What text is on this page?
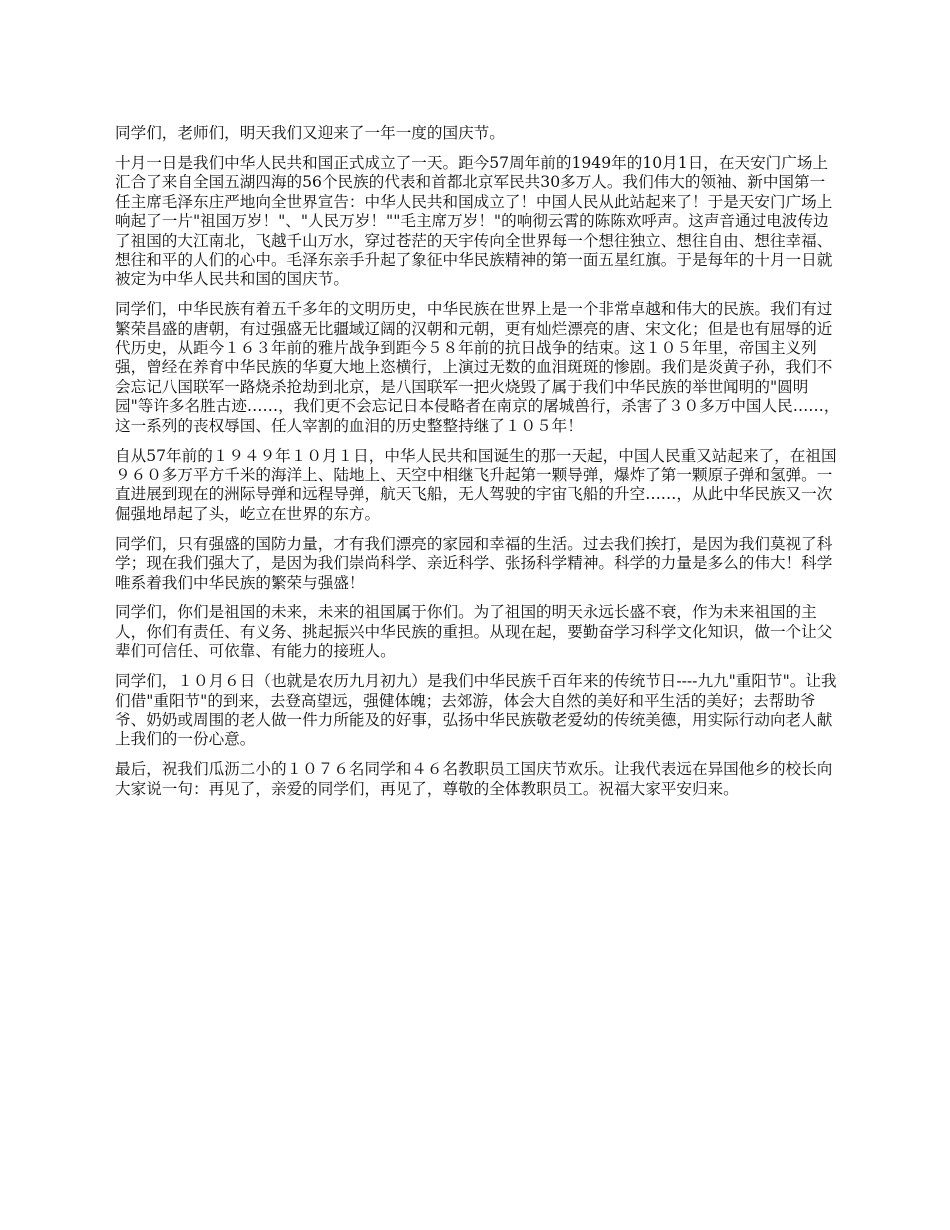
同学们，老师们，明天我们又迎来了一年一度的国庆节。

十月一日是我们中华人民共和国正式成立了一天。距今57周年前的1949年的10月1日，在天安门广场上汇合了来自全国五湖四海的56个民族的代表和首都北京军民共30多万人。我们伟大的领袖、新中国第一任主席毛泽东庄严地向全世界宣告：中华人民共和国成立了！中国人民从此站起来了！于是天安门广场上响起了一片"祖国万岁！"、"人民万岁！""毛主席万岁！"的响彻云霄的陈陈欢呼声。这声音通过电波传边了祖国的大江南北，飞越千山万水，穿过苍茫的天宇传向全世界每一个想往独立、想往自由、想往幸福、想往和平的人们的心中。毛泽东亲手升起了象征中华民族精神的第一面五星红旗。于是每年的十月一日就被定为中华人民共和国的国庆节。

同学们，中华民族有着五千多年的文明历史，中华民族在世界上是一个非常卓越和伟大的民族。我们有过繁荣昌盛的唐朝，有过强盛无比疆域辽阔的汉朝和元朝，更有灿烂漂亮的唐、宋文化；但是也有屈辱的近代历史，从距今１６３年前的雅片战争到距今５８年前的抗日战争的结束。这１０５年里，帝国主义列强，曾经在养育中华民族的华夏大地上恣横行，上演过无数的血泪斑斑的惨剧。我们是炎黄子孙，我们不会忘记八国联军一路烧杀抢劫到北京，是八国联军一把火烧毁了属于我们中华民族的举世闻明的"圆明园"等许多名胜古迹……，我们更不会忘记日本侵略者在南京的屠城兽行，杀害了３０多万中国人民……，这一系列的丧权辱国、任人宰割的血泪的历史整整持继了１０５年！

自从57年前的１９４９年１０月１日，中华人民共和国诞生的那一天起，中国人民重又站起来了，在祖国９６０多万平方千米的海洋上、陆地上、天空中相继飞升起第一颗导弹，爆炸了第一颗原子弹和氢弹。一直进展到现在的洲际导弹和远程导弹，航天飞船，无人驾驶的宇宙飞船的升空……，从此中华民族又一次倔强地昂起了头，屹立在世界的东方。

同学们，只有强盛的国防力量，才有我们漂亮的家园和幸福的生活。过去我们挨打，是因为我们莫视了科学；现在我们强大了，是因为我们崇尚科学、亲近科学、张扬科学精神。科学的力量是多么的伟大！科学唯系着我们中华民族的繁荣与强盛！

同学们，你们是祖国的未来，未来的祖国属于你们。为了祖国的明天永远长盛不衰，作为未来祖国的主人，你们有责任、有义务、挑起振兴中华民族的重担。从现在起，要勤奋学习科学文化知识，做一个让父辈们可信任、可依靠、有能力的接班人。

同学们，１０月６日（也就是农历九月初九）是我们中华民族千百年来的传统节日----九九"重阳节"。让我们借"重阳节"的到来，去登高望远，强健体魄；去郊游，体会大自然的美好和平生活的美好；去帮助爷爷、奶奶或周围的老人做一件力所能及的好事，弘扬中华民族敬老爱幼的传统美德，用实际行动向老人献上我们的一份心意。

最后，祝我们瓜沥二小的１０７６名同学和４６名教职员工国庆节欢乐。让我代表远在异国他乡的校长向大家说一句：再见了，亲爱的同学们，再见了，尊敬的全体教职员工。祝福大家平安归来。
